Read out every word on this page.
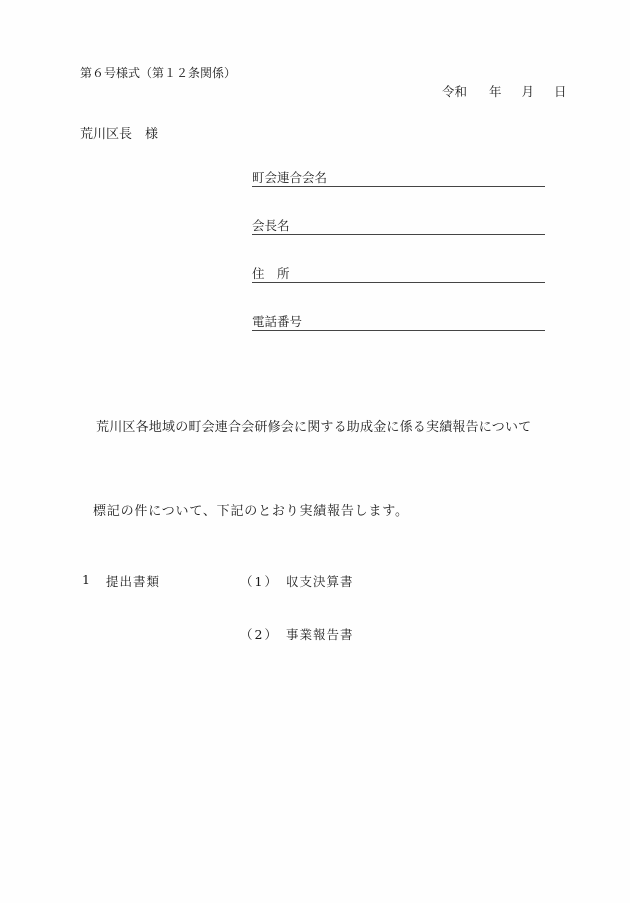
第６号様式（第１２条関係）
令和 年 月 日
荒川区長　様
町会連合会名
会長名
住　所
電話番号
荒川区各地域の町会連合会研修会に関する助成金に係る実績報告について
標記の件について、下記のとおり実績報告します。
1 提出書類	（1） 収支決算書
（2） 事業報告書
